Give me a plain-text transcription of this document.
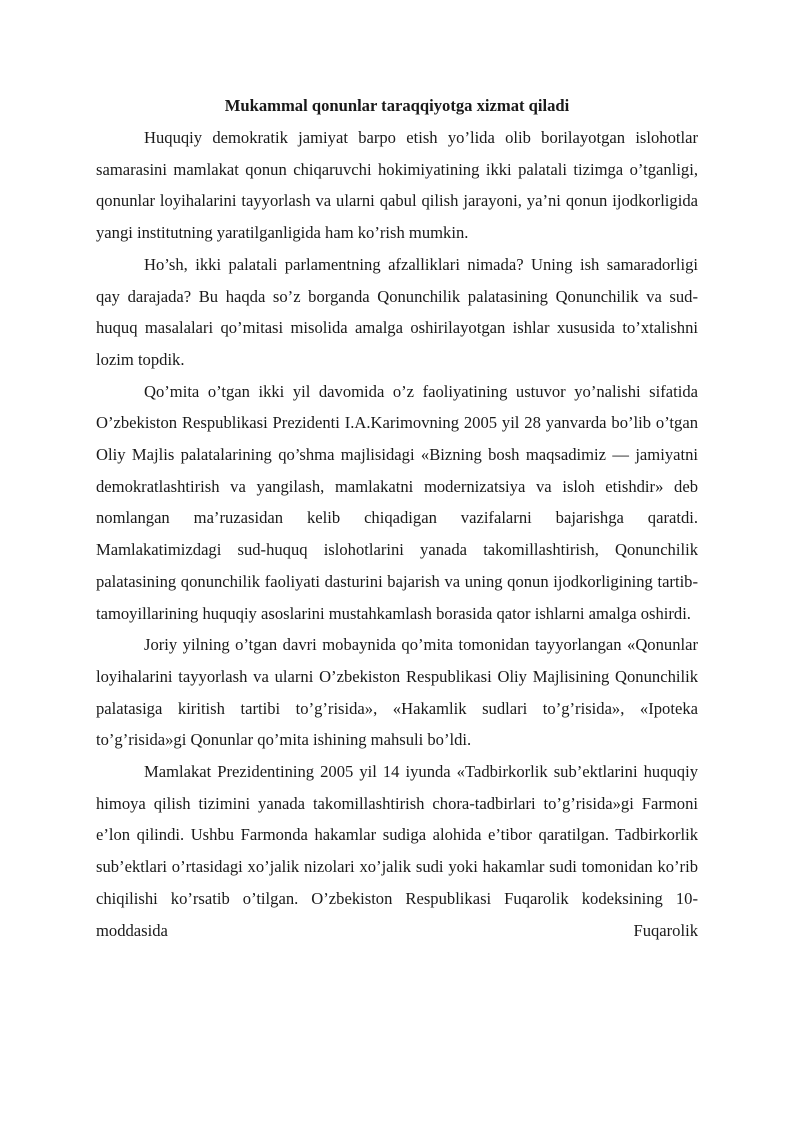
Mukammal qonunlar taraqqiyotga xizmat qiladi

Huquqiy demokratik jamiyat barpo etish yo’lida olib borilayotgan islohotlar samarasini mamlakat qonun chiqaruvchi hokimiyatining ikki palatali tizimga o’tganligi, qonunlar loyihalarini tayyorlash va ularni qabul qilish jarayoni, ya’ni qonun ijodkorligida yangi institutning yaratilganligida ham ko’rish mumkin.

Ho’sh, ikki palatali parlamentning afzalliklari nimada? Uning ish samaradorligi qay darajada? Bu haqda so’z borganda Qonunchilik palatasining Qonunchilik va sud-huquq masalalari qo’mitasi misolida amalga oshirilayotgan ishlar xususida to’xtalishni lozim topdik.

Qo’mita o’tgan ikki yil davomida o’z faoliyatining ustuvor yo’nalishi sifatida O’zbekiston Respublikasi Prezidenti I.A.Karimovning 2005 yil 28 yanvarda bo’lib o’tgan Oliy Majlis palatalarining qo’shma majlisidagi «Bizning bosh maqsadimiz — jamiyatni demokratlashtirish va yangilash, mamlakatni modernizatsiya va isloh etishdir» deb nomlangan ma’ruzasidan kelib chiqadigan vazifalarni bajarishga qaratdi. Mamlakatimizdagi sud-huquq islohotlarini yanada takomillashtirish, Qonunchilik palatasining qonunchilik faoliyati dasturini bajarish va uning qonun ijodkorligining tartib-tamoyillarining huquqiy asoslarini mustahkamlash borasida qator ishlarni amalga oshirdi.

Joriy yilning o’tgan davri mobaynida qo’mita tomonidan tayyorlangan «Qonunlar loyihalarini tayyorlash va ularni O’zbekiston Respublikasi Oliy Majlisining Qonunchilik palatasiga kiritish tartibi to’g’risida», «Hakamlik sudlari to’g’risida», «Ipoteka to’g’risida»gi Qonunlar qo’mita ishining mahsuli bo’ldi.

Mamlakat Prezidentining 2005 yil 14 iyunda «Tadbirkorlik sub’ektlarini huquqiy himoya qilish tizimini yanada takomillashtirish chora-tadbirlari to’g’risida»gi Farmoni e’lon qilindi. Ushbu Farmonda hakamlar sudiga alohida e’tibor qaratilgan. Tadbirkorlik sub’ektlari o’rtasidagi xo’jalik nizolari xo’jalik sudi yoki hakamlar sudi tomonidan ko’rib chiqilishi ko’rsatib o’tilgan. O’zbekiston Respublikasi Fuqarolik kodeksining 10-moddasida Fuqarolik
